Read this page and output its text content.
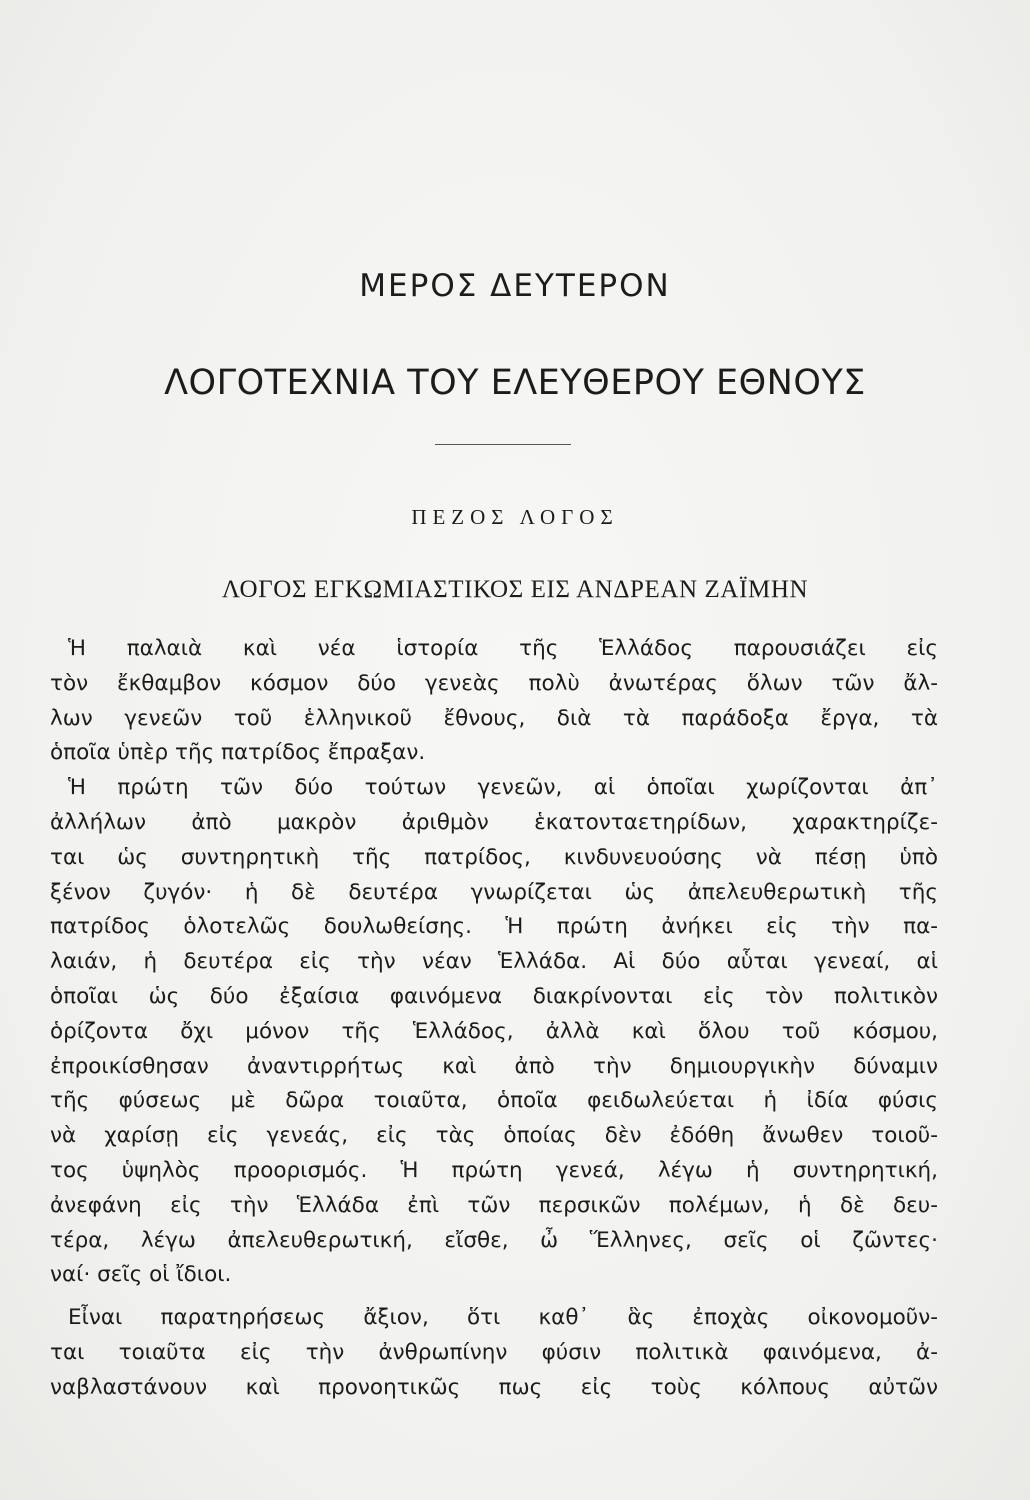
ΜΕΡΟΣ ΔΕΥΤΕΡΟΝ
ΛΟΓΟΤΕΧΝΙΑ ΤΟΥ ΕΛΕΥΘΕΡΟΥ ΕΘΝΟΥΣ
ΠΕΖΟΣ ΛΟΓΟΣ
ΛΟΓΟΣ ΕΓΚΩΜΙΑΣΤΙΚΟΣ ΕΙΣ ΑΝΔΡΕΑΝ ΖΑΪΜΗΝ
Ἡ παλαιὰ καὶ νέα ἱστορία τῆς Ἑλλάδος παρουσιάζει εἰς
τὸν ἔκθαμβον κόσμον δύο γενεὰς πολὺ ἀνωτέρας ὅλων τῶν ἄλ-
λων γενεῶν τοῦ ἑλληνικοῦ ἔθνους, διὰ τὰ παράδοξα ἔργα, τὰ
ὁποῖα ὑπὲρ τῆς πατρίδος ἔπραξαν.
Ἡ πρώτη τῶν δύο τούτων γενεῶν, αἱ ὁποῖαι χωρίζονται ἀπ᾽
ἀλλήλων ἀπὸ μακρὸν ἀριθμὸν ἑκατονταετηρίδων, χαρακτηρίζε-
ται ὡς συντηρητικὴ τῆς πατρίδος, κινδυνευούσης νὰ πέσῃ ὑπὸ
ξένον ζυγόν· ἡ δὲ δευτέρα γνωρίζεται ὡς ἀπελευθερωτικὴ τῆς
πατρίδος ὁλοτελῶς δουλωθείσης. Ἡ πρώτη ἀνήκει εἰς τὴν πα-
λαιάν, ἡ δευτέρα εἰς τὴν νέαν Ἑλλάδα. Αἱ δύο αὗται γενεαί, αἱ
ὁποῖαι ὡς δύο ἐξαίσια φαινόμενα διακρίνονται εἰς τὸν πολιτικὸν
ὁρίζοντα ὄχι μόνον τῆς Ἑλλάδος, ἀλλὰ καὶ ὅλου τοῦ κόσμου,
ἐπροικίσθησαν ἀναντιρρήτως καὶ ἀπὸ τὴν δημιουργικὴν δύναμιν
τῆς φύσεως μὲ δῶρα τοιαῦτα, ὁποῖα φειδωλεύεται ἡ ἰδία φύσις
νὰ χαρίσῃ εἰς γενεάς, εἰς τὰς ὁποίας δὲν ἐδόθη ἄνωθεν τοιοῦ-
τος ὑψηλὸς προορισμός. Ἡ πρώτη γενεά, λέγω ἡ συντηρητική,
ἀνεφάνη εἰς τὴν Ἑλλάδα ἐπὶ τῶν περσικῶν πολέμων, ἡ δὲ δευ-
τέρα, λέγω ἀπελευθερωτική, εἴσθε, ὦ Ἕλληνες, σεῖς οἱ ζῶντες·
ναί· σεῖς οἱ ἴδιοι.
Εἶναι παρατηρήσεως ἄξιον, ὅτι καθ᾽ ἃς ἐποχὰς οἰκονομοῦν-
ται τοιαῦτα εἰς τὴν ἀνθρωπίνην φύσιν πολιτικὰ φαινόμενα, ἀ-
ναβλαστάνουν καὶ προνοητικῶς πως εἰς τοὺς κόλπους αὐτῶν
